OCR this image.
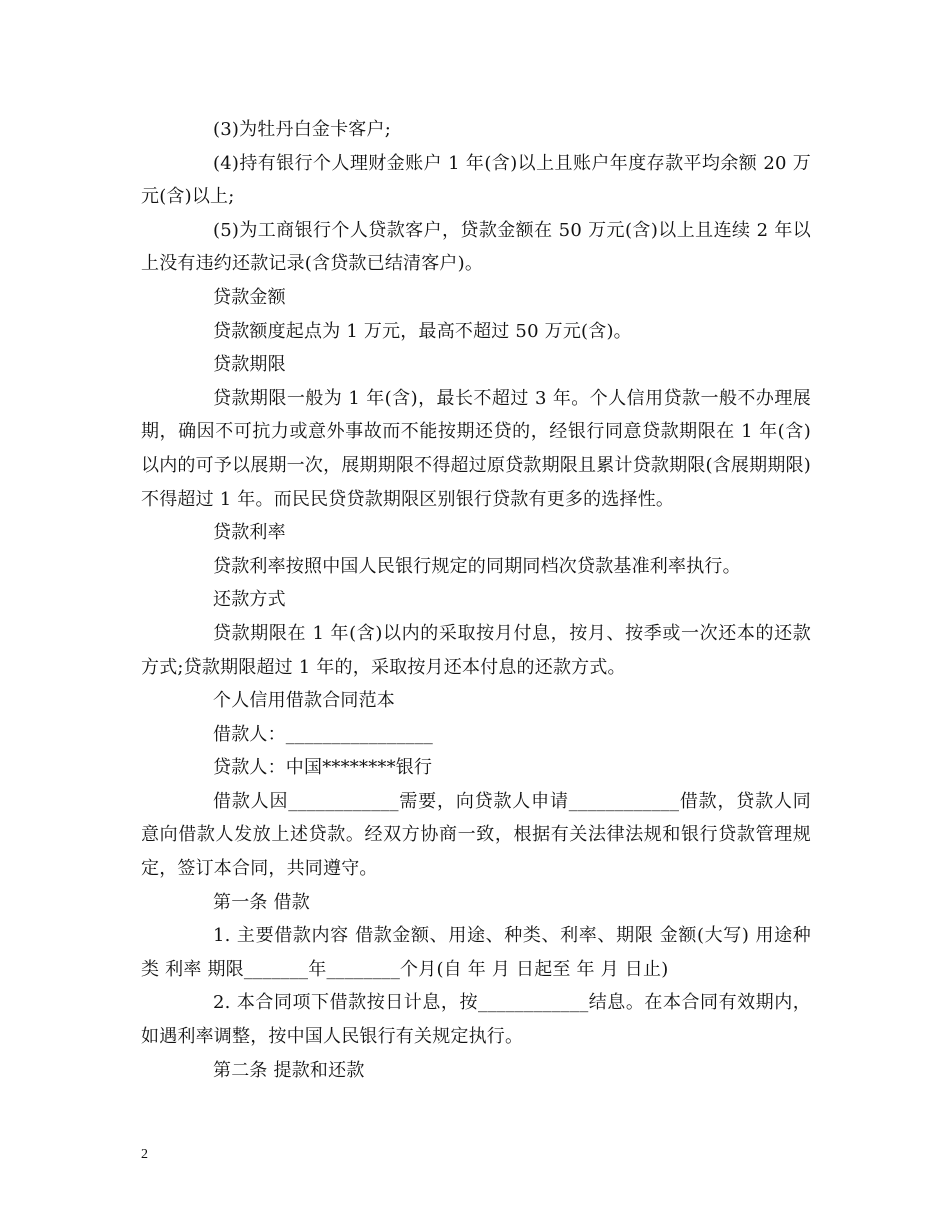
(3)为牡丹白金卡客户;

(4)持有银行个人理财金账户 1 年(含)以上且账户年度存款平均余额 20 万元(含)以上;

(5)为工商银行个人贷款客户，贷款金额在 50 万元(含)以上且连续 2 年以上没有违约还款记录(含贷款已结清客户)。

贷款金额

贷款额度起点为 1 万元，最高不超过 50 万元(含)。

贷款期限

贷款期限一般为 1 年(含)，最长不超过 3 年。个人信用贷款一般不办理展期，确因不可抗力或意外事故而不能按期还贷的，经银行同意贷款期限在 1 年(含)以内的可予以展期一次，展期期限不得超过原贷款期限且累计贷款期限(含展期期限)不得超过 1 年。而民民贷贷款期限区别银行贷款有更多的选择性。

贷款利率

贷款利率按照中国人民银行规定的同期同档次贷款基准利率执行。

还款方式

贷款期限在 1 年(含)以内的采取按月付息，按月、按季或一次还本的还款方式;贷款期限超过 1 年的，采取按月还本付息的还款方式。

个人信用借款合同范本

借款人：________________

贷款人：中国********银行

借款人因____________需要，向贷款人申请____________借款，贷款人同意向借款人发放上述贷款。经双方协商一致，根据有关法律法规和银行贷款管理规定，签订本合同，共同遵守。

第一条 借款

1. 主要借款内容 借款金额、用途、种类、利率、期限 金额(大写) 用途种类 利率 期限_______年________个月(自 年 月 日起至 年 月 日止)

2. 本合同项下借款按日计息，按____________结息。在本合同有效期内，如遇利率调整，按中国人民银行有关规定执行。

第二条 提款和还款

2
